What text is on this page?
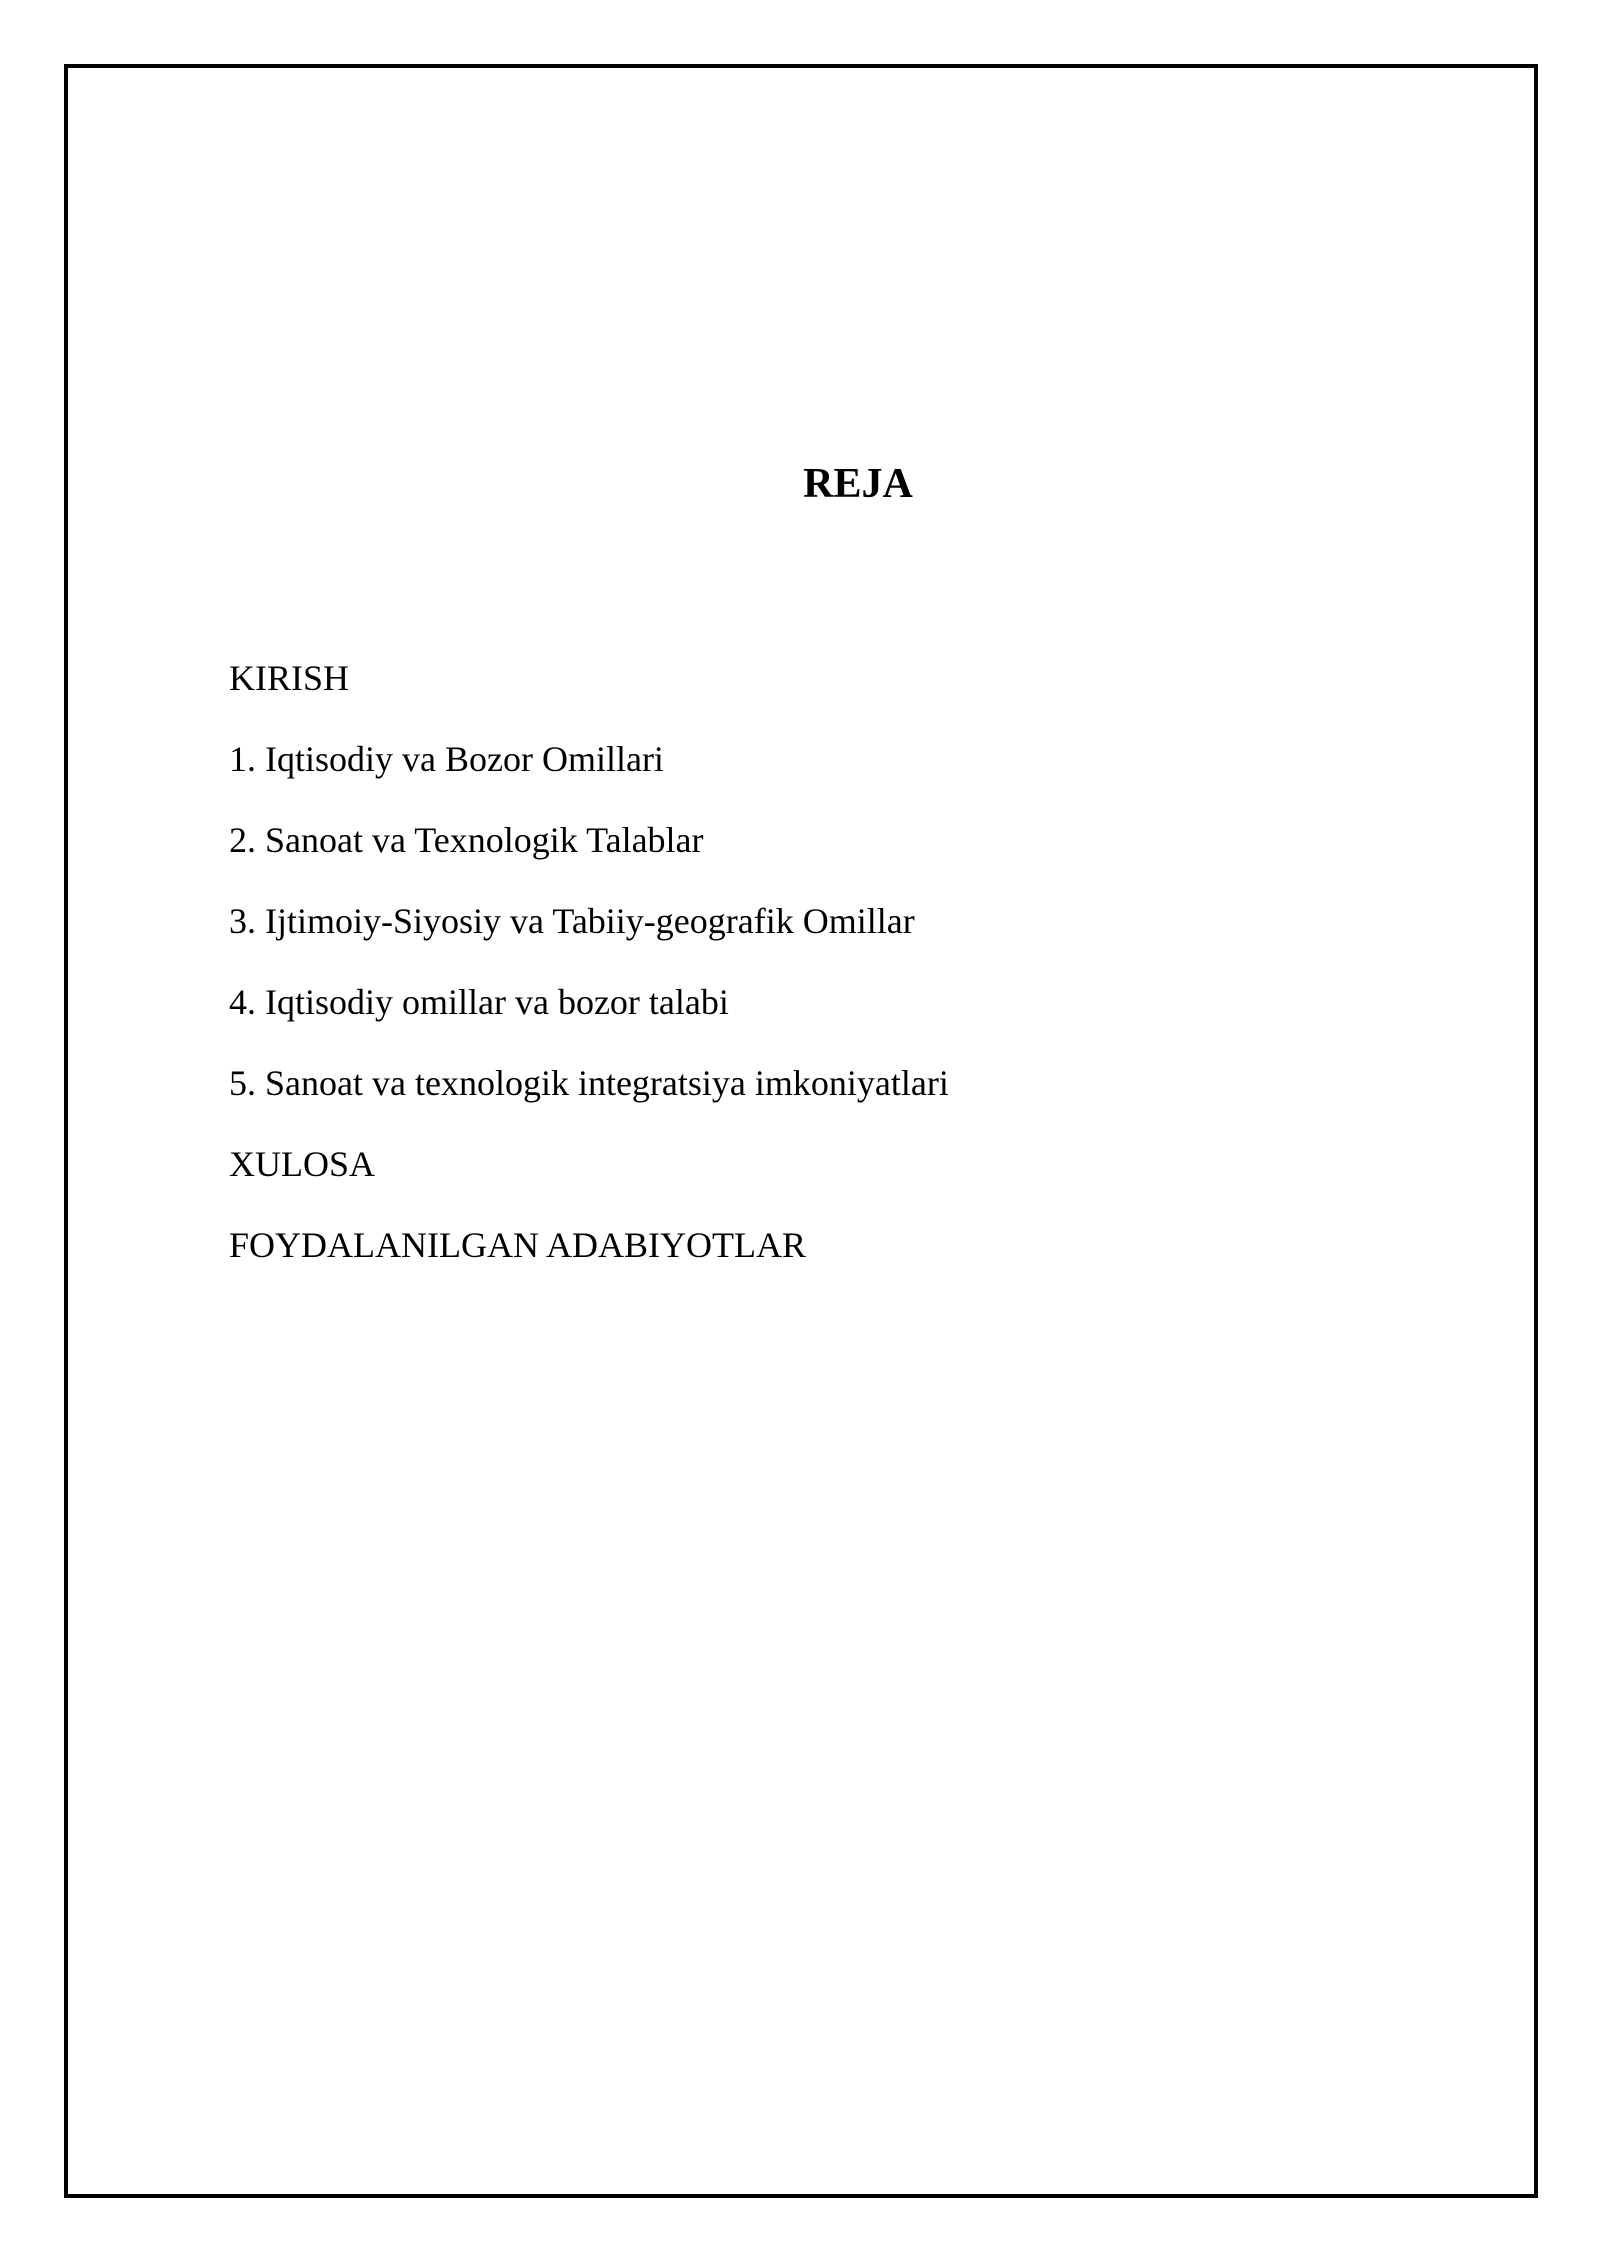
REJA
KIRISH
1. Iqtisodiy va Bozor Omillari
2. Sanoat va Texnologik Talablar
3. Ijtimoiy-Siyosiy va Tabiiy-geografik Omillar
4. Iqtisodiy omillar va bozor talabi
5. Sanoat va texnologik integratsiya imkoniyatlari
XULOSA
FOYDALANILGAN ADABIYOTLAR
